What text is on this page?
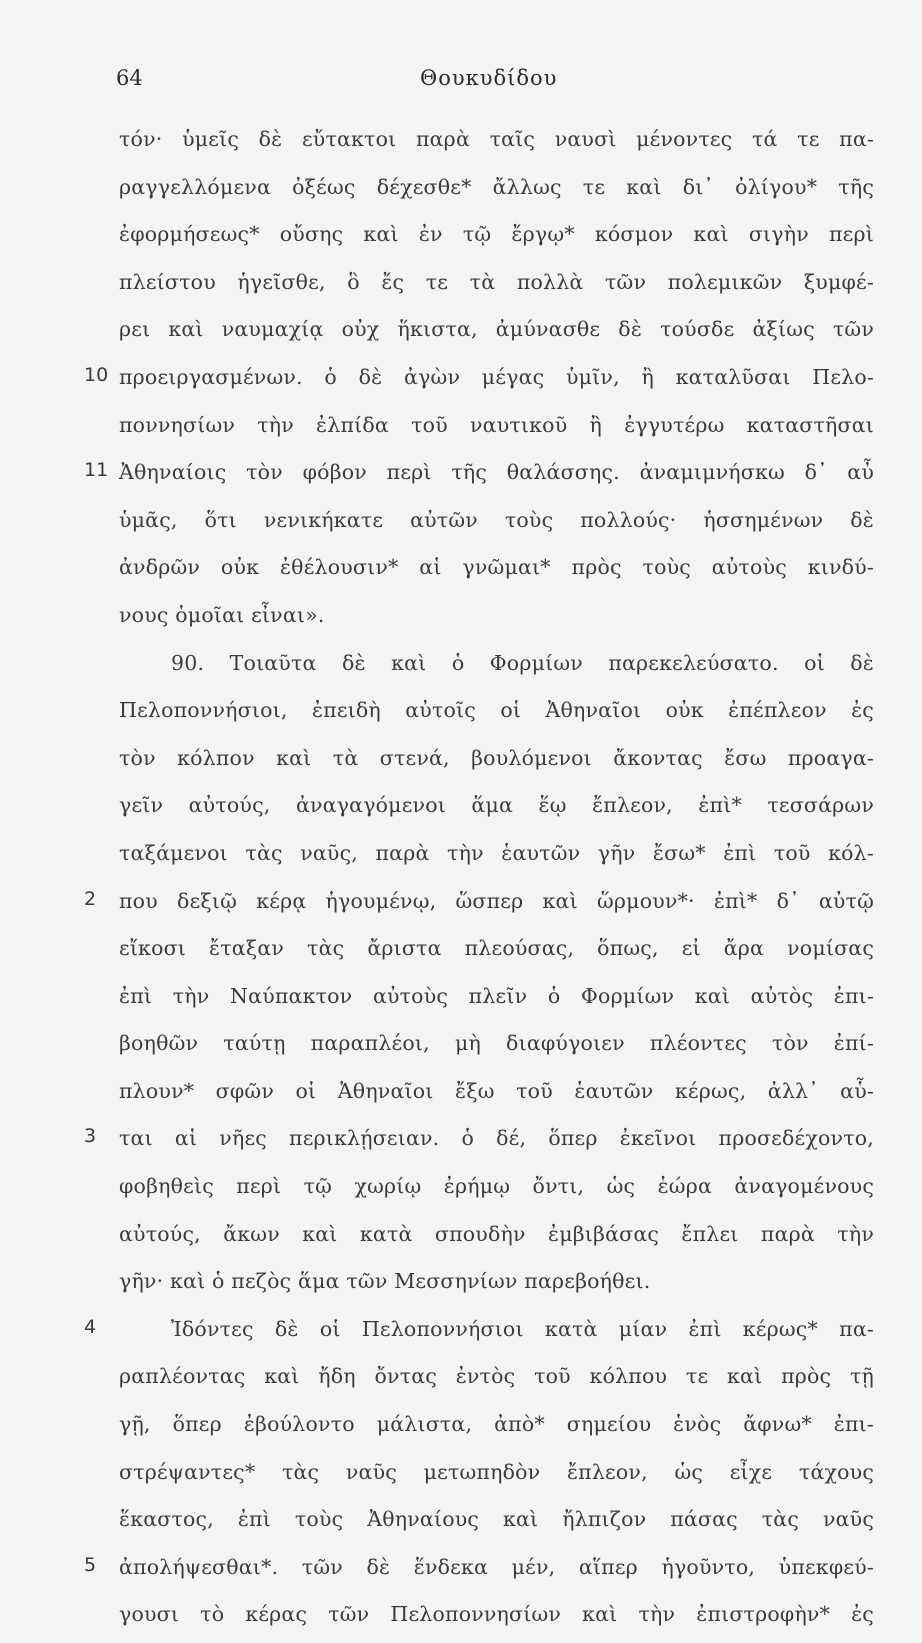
64	Θουκυδίδου
τόν· ὑμεῖς δὲ εὔτακτοι παρὰ ταῖς ναυσὶ μένοντες τά τε πα-
ραγγελλόμενα ὀξέως δέχεσθε* ἄλλως τε καὶ δι᾽ ὀλίγου* τῆς
ἐφορμήσεως* οὔσης καὶ ἐν τῷ ἔργῳ* κόσμον καὶ σιγὴν περὶ
πλείστου ἡγεῖσθε, ὃ ἔς τε τὰ πολλὰ τῶν πολεμικῶν ξυμφέ-
ρει καὶ ναυμαχίᾳ οὐχ ἥκιστα, ἀμύνασθε δὲ τούσδε ἀξίως τῶν
10 προειργασμένων. ὁ δὲ ἀγὼν μέγας ὑμῖν, ἢ καταλῦσαι Πελο-
ποννησίων τὴν ἐλπίδα τοῦ ναυτικοῦ ἢ ἐγγυτέρω καταστῆσαι
11 Ἀθηναίοις τὸν φόβον περὶ τῆς θαλάσσης. ἀναμιμνήσκω δ᾽ αὖ
ὑμᾶς, ὅτι νενικήκατε αὐτῶν τοὺς πολλούς· ἡσσημένων δὲ
ἀνδρῶν οὐκ ἐθέλουσιν* αἱ γνῶμαι* πρὸς τοὺς αὐτοὺς κινδύ-
νους ὁμοῖαι εἶναι».
90. Τοιαῦτα δὲ καὶ ὁ Φορμίων παρεκελεύσατο. οἱ δὲ
Πελοποννήσιοι, ἐπειδὴ αὐτοῖς οἱ Ἀθηναῖοι οὐκ ἐπέπλεον ἐς
τὸν κόλπον καὶ τὰ στενά, βουλόμενοι ἄκοντας ἔσω προαγα-
γεῖν αὐτούς, ἀναγαγόμενοι ἅμα ἕῳ ἔπλεον, ἐπὶ* τεσσάρων
ταξάμενοι τὰς ναῦς, παρὰ τὴν ἑαυτῶν γῆν ἔσω* ἐπὶ τοῦ κόλ-
2 που δεξιῷ κέρᾳ ἡγουμένῳ, ὥσπερ καὶ ὥρμουν*· ἐπὶ* δ᾽ αὐτῷ
εἴκοσι ἔταξαν τὰς ἄριστα πλεούσας, ὅπως, εἰ ἄρα νομίσας
ἐπὶ τὴν Ναύπακτον αὐτοὺς πλεῖν ὁ Φορμίων καὶ αὐτὸς ἐπι-
βοηθῶν ταύτῃ παραπλέοι, μὴ διαφύγοιεν πλέοντες τὸν ἐπί-
πλουν* σφῶν οἱ Ἀθηναῖοι ἔξω τοῦ ἑαυτῶν κέρως, ἀλλ᾽ αὗ-
3 ται αἱ νῆες περικλῄσειαν. ὁ δέ, ὅπερ ἐκεῖνοι προσεδέχοντο,
φοβηθεὶς περὶ τῷ χωρίῳ ἐρήμῳ ὄντι, ὡς ἑώρα ἀναγομένους
αὐτούς, ἄκων καὶ κατὰ σπουδὴν ἐμβιβάσας ἔπλει παρὰ τὴν
γῆν· καὶ ὁ πεζὸς ἅμα τῶν Μεσσηνίων παρεβοήθει.
4	Ἰδόντες δὲ οἱ Πελοποννήσιοι κατὰ μίαν ἐπὶ κέρως* πα-
ραπλέοντας καὶ ἤδη ὄντας ἐντὸς τοῦ κόλπου τε καὶ πρὸς τῇ
γῇ, ὅπερ ἐβούλοντο μάλιστα, ἀπὸ* σημείου ἑνὸς ἄφνω* ἐπι-
στρέψαντες* τὰς ναῦς μετωπηδὸν ἔπλεον, ὡς εἶχε τάχους
ἕκαστος, ἐπὶ τοὺς Ἀθηναίους καὶ ἤλπιζον πάσας τὰς ναῦς
5 ἀπολήψεσθαι*. τῶν δὲ ἕνδεκα μέν, αἵπερ ἡγοῦντο, ὑπεκφεύ-
γουσι τὸ κέρας τῶν Πελοποννησίων καὶ τὴν ἐπιστροφὴν* ἐς
